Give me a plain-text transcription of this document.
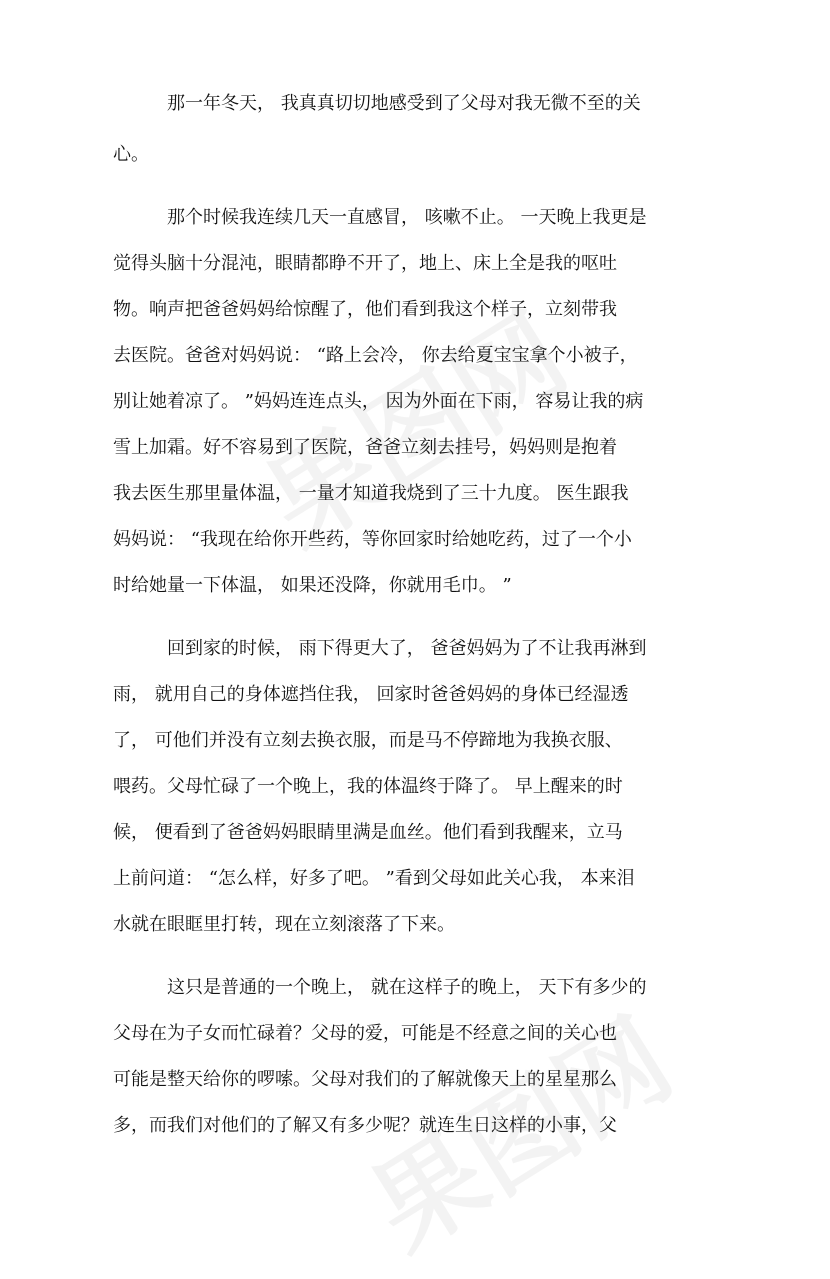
那一年冬天， 我真真切切地感受到了父母对我无微不至的关
心。
那个时候我连续几天一直感冒， 咳嗽不止。 一天晚上我更是
觉得头脑十分混沌，眼睛都睁不开了，地上、床上全是我的呕吐
物。响声把爸爸妈妈给惊醒了，他们看到我这个样子，立刻带我
去医院。爸爸对妈妈说： “路上会冷， 你去给夏宝宝拿个小被子，
别让她着凉了。 ”妈妈连连点头， 因为外面在下雨， 容易让我的病
雪上加霜。好不容易到了医院，爸爸立刻去挂号，妈妈则是抱着
我去医生那里量体温， 一量才知道我烧到了三十九度。 医生跟我
妈妈说： “我现在给你开些药，等你回家时给她吃药，过了一个小
时给她量一下体温， 如果还没降，你就用毛巾。 ”
回到家的时候， 雨下得更大了， 爸爸妈妈为了不让我再淋到
雨， 就用自己的身体遮挡住我， 回家时爸爸妈妈的身体已经湿透
了， 可他们并没有立刻去换衣服，而是马不停蹄地为我换衣服、
喂药。父母忙碌了一个晚上，我的体温终于降了。 早上醒来的时
候， 便看到了爸爸妈妈眼睛里满是血丝。他们看到我醒来，立马
上前问道： “怎么样，好多了吧。 ”看到父母如此关心我， 本来泪
水就在眼眶里打转，现在立刻滚落了下来。
这只是普通的一个晚上， 就在这样子的晚上， 天下有多少的
父母在为子女而忙碌着？父母的爱，可能是不经意之间的关心也
可能是整天给你的啰嗦。父母对我们的了解就像天上的星星那么
多，而我们对他们的了解又有多少呢？就连生日这样的小事，父
